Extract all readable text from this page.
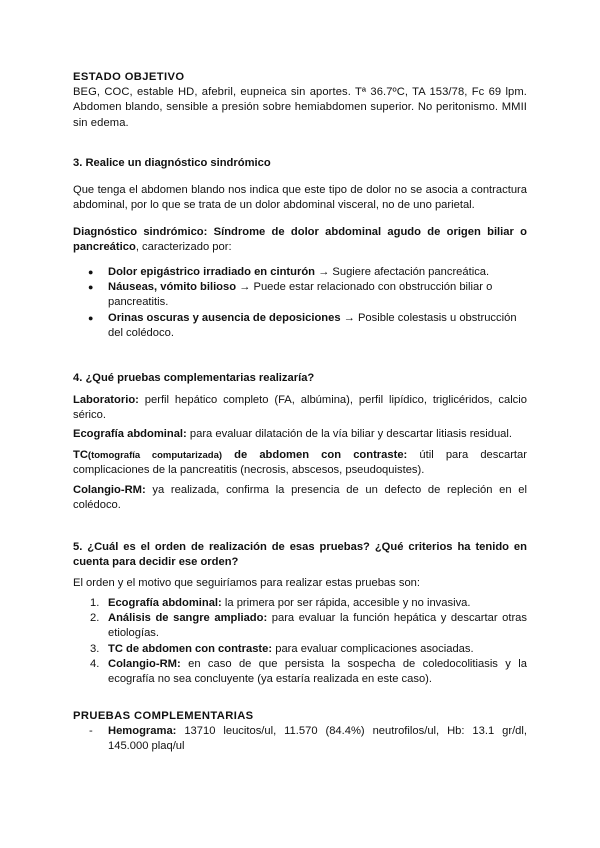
ESTADO OBJETIVO

BEG, COC, estable HD, afebril, eupneica sin aportes. Tª 36.7ºC, TA 153/78, Fc 69 lpm. Abdomen blando, sensible a presión sobre hemiabdomen superior. No peritonismo. MMII sin edema.

3. Realice un diagnóstico sindrómico

Que tenga el abdomen blando nos indica que este tipo de dolor no se asocia a contractura abdominal, por lo que se trata de un dolor abdominal visceral, no de uno parietal.

Diagnóstico sindrómico: Síndrome de dolor abdominal agudo de origen biliar o pancreático, caracterizado por:

● Dolor epigástrico irradiado en cinturón → Sugiere afectación pancreática.
● Náuseas, vómito bilioso → Puede estar relacionado con obstrucción biliar o pancreatitis.
● Orinas oscuras y ausencia de deposiciones → Posible colestasis u obstrucción del colédoco.

4. ¿Qué pruebas complementarias realizaría?

Laboratorio: perfil hepático completo (FA, albúmina), perfil lipídico, triglicéridos, calcio sérico.

Ecografía abdominal: para evaluar dilatación de la vía biliar y descartar litiasis residual.

TC(tomografía computarizada) de abdomen con contraste: útil para descartar complicaciones de la pancreatitis (necrosis, abscesos, pseudoquistes).

Colangio-RM: ya realizada, confirma la presencia de un defecto de repleción en el colédoco.

5. ¿Cuál es el orden de realización de esas pruebas? ¿Qué criterios ha tenido en cuenta para decidir ese orden?

El orden y el motivo que seguiríamos para realizar estas pruebas son:

1. Ecografía abdominal: la primera por ser rápida, accesible y no invasiva.
2. Análisis de sangre ampliado: para evaluar la función hepática y descartar otras etiologías.
3. TC de abdomen con contraste: para evaluar complicaciones asociadas.
4. Colangio-RM: en caso de que persista la sospecha de coledocolitiasis y la ecografía no sea concluyente (ya estaría realizada en este caso).

PRUEBAS COMPLEMENTARIAS

- Hemograma: 13710 leucitos/ul, 11.570 (84.4%) neutrofilos/ul, Hb: 13.1 gr/dl, 145.000 plaq/ul
